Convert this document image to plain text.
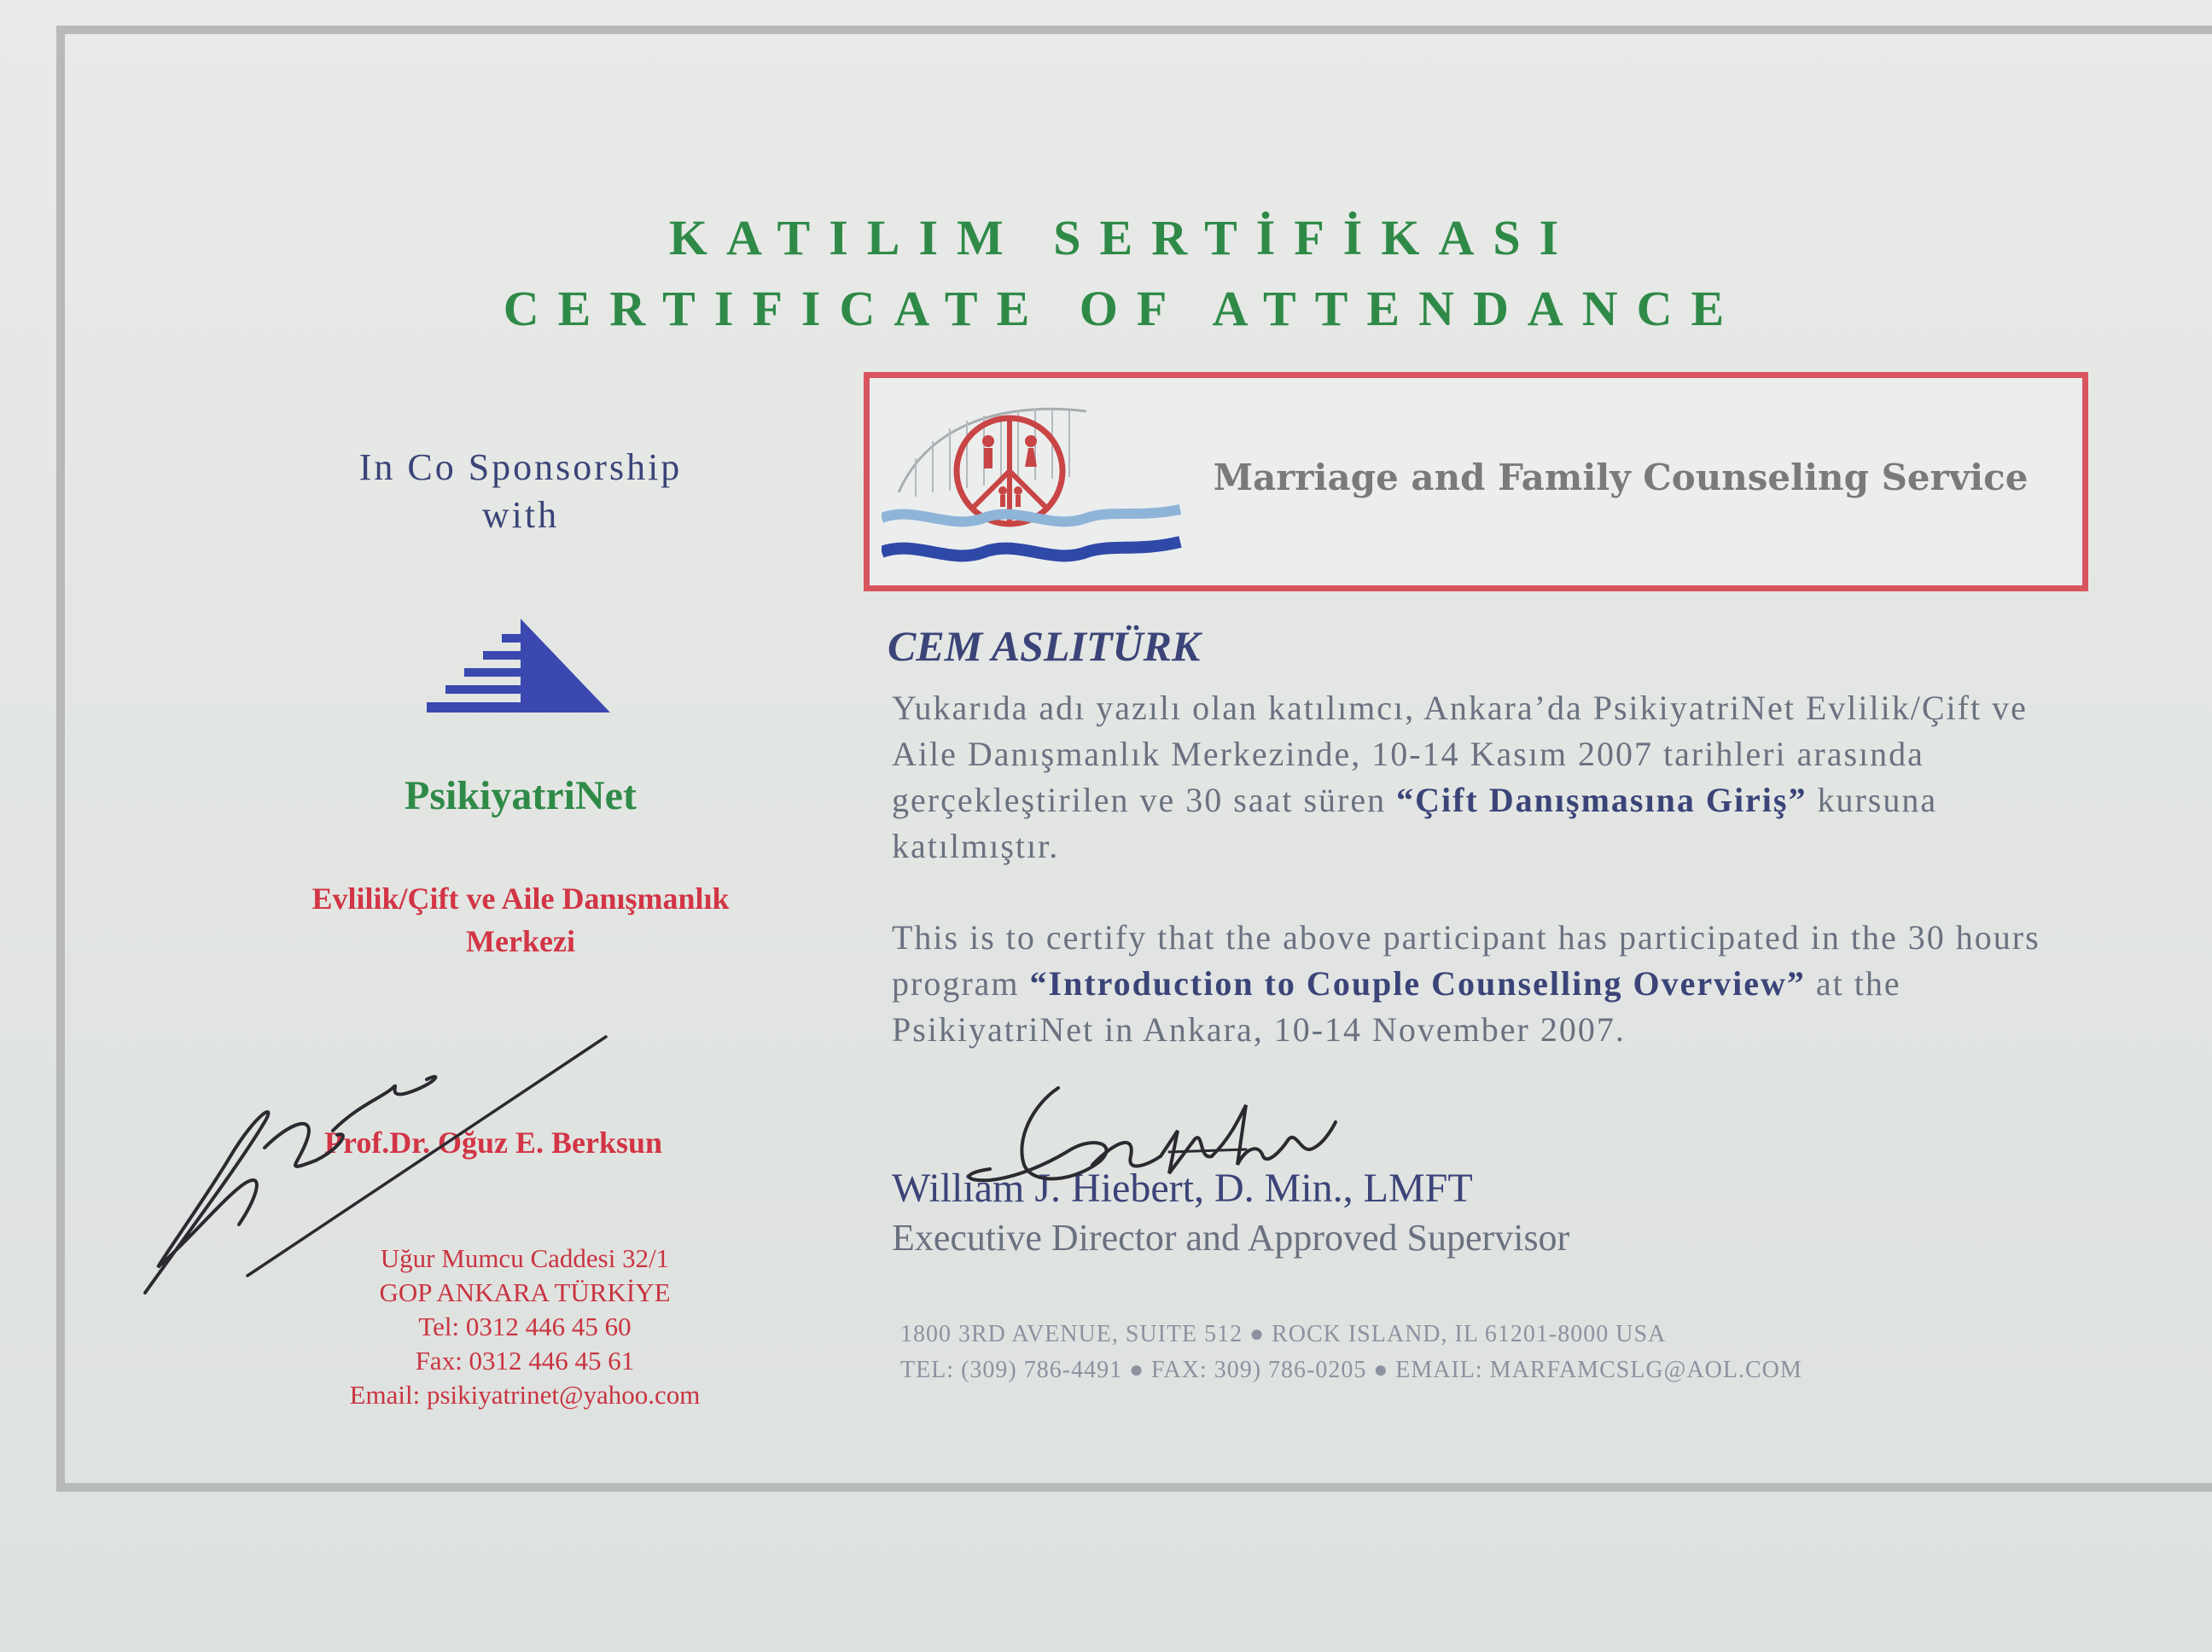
KATILIM SERTİFİKASI
CERTIFICATE OF ATTENDANCE
In Co Sponsorship
with
PsikiyatriNet
Evlilik/Çift ve Aile Danışmanlık
Merkezi
Prof.Dr. Oğuz E. Berksun
Uğur Mumcu Caddesi 32/1
GOP ANKARA TÜRKİYE
Tel: 0312 446 45 60
Fax: 0312 446 45 61
Email: psikiyatrinet@yahoo.com
Marriage and Family Counseling Service
CEM ASLITÜRK
Yukarıda adı yazılı olan katılımcı, Ankara’da PsikiyatriNet Evlilik/Çift ve Aile Danışmanlık Merkezinde, 10-14 Kasım 2007 tarihleri arasında gerçekleştirilen ve 30 saat süren “Çift Danışmasına Giriş” kursuna katılmıştır.
This is to certify that the above participant has participated in the 30 hours program “Introduction to Couple Counselling Overview” at the PsikiyatriNet in Ankara, 10-14 November 2007.
William J. Hiebert, D. Min., LMFT
Executive Director and Approved Supervisor
1800 3RD AVENUE, SUITE 512 ● ROCK ISLAND, IL 61201-8000 USA
TEL: (309) 786-4491 ● FAX: 309) 786-0205 ● EMAIL: MARFAMCSLG@AOL.COM
